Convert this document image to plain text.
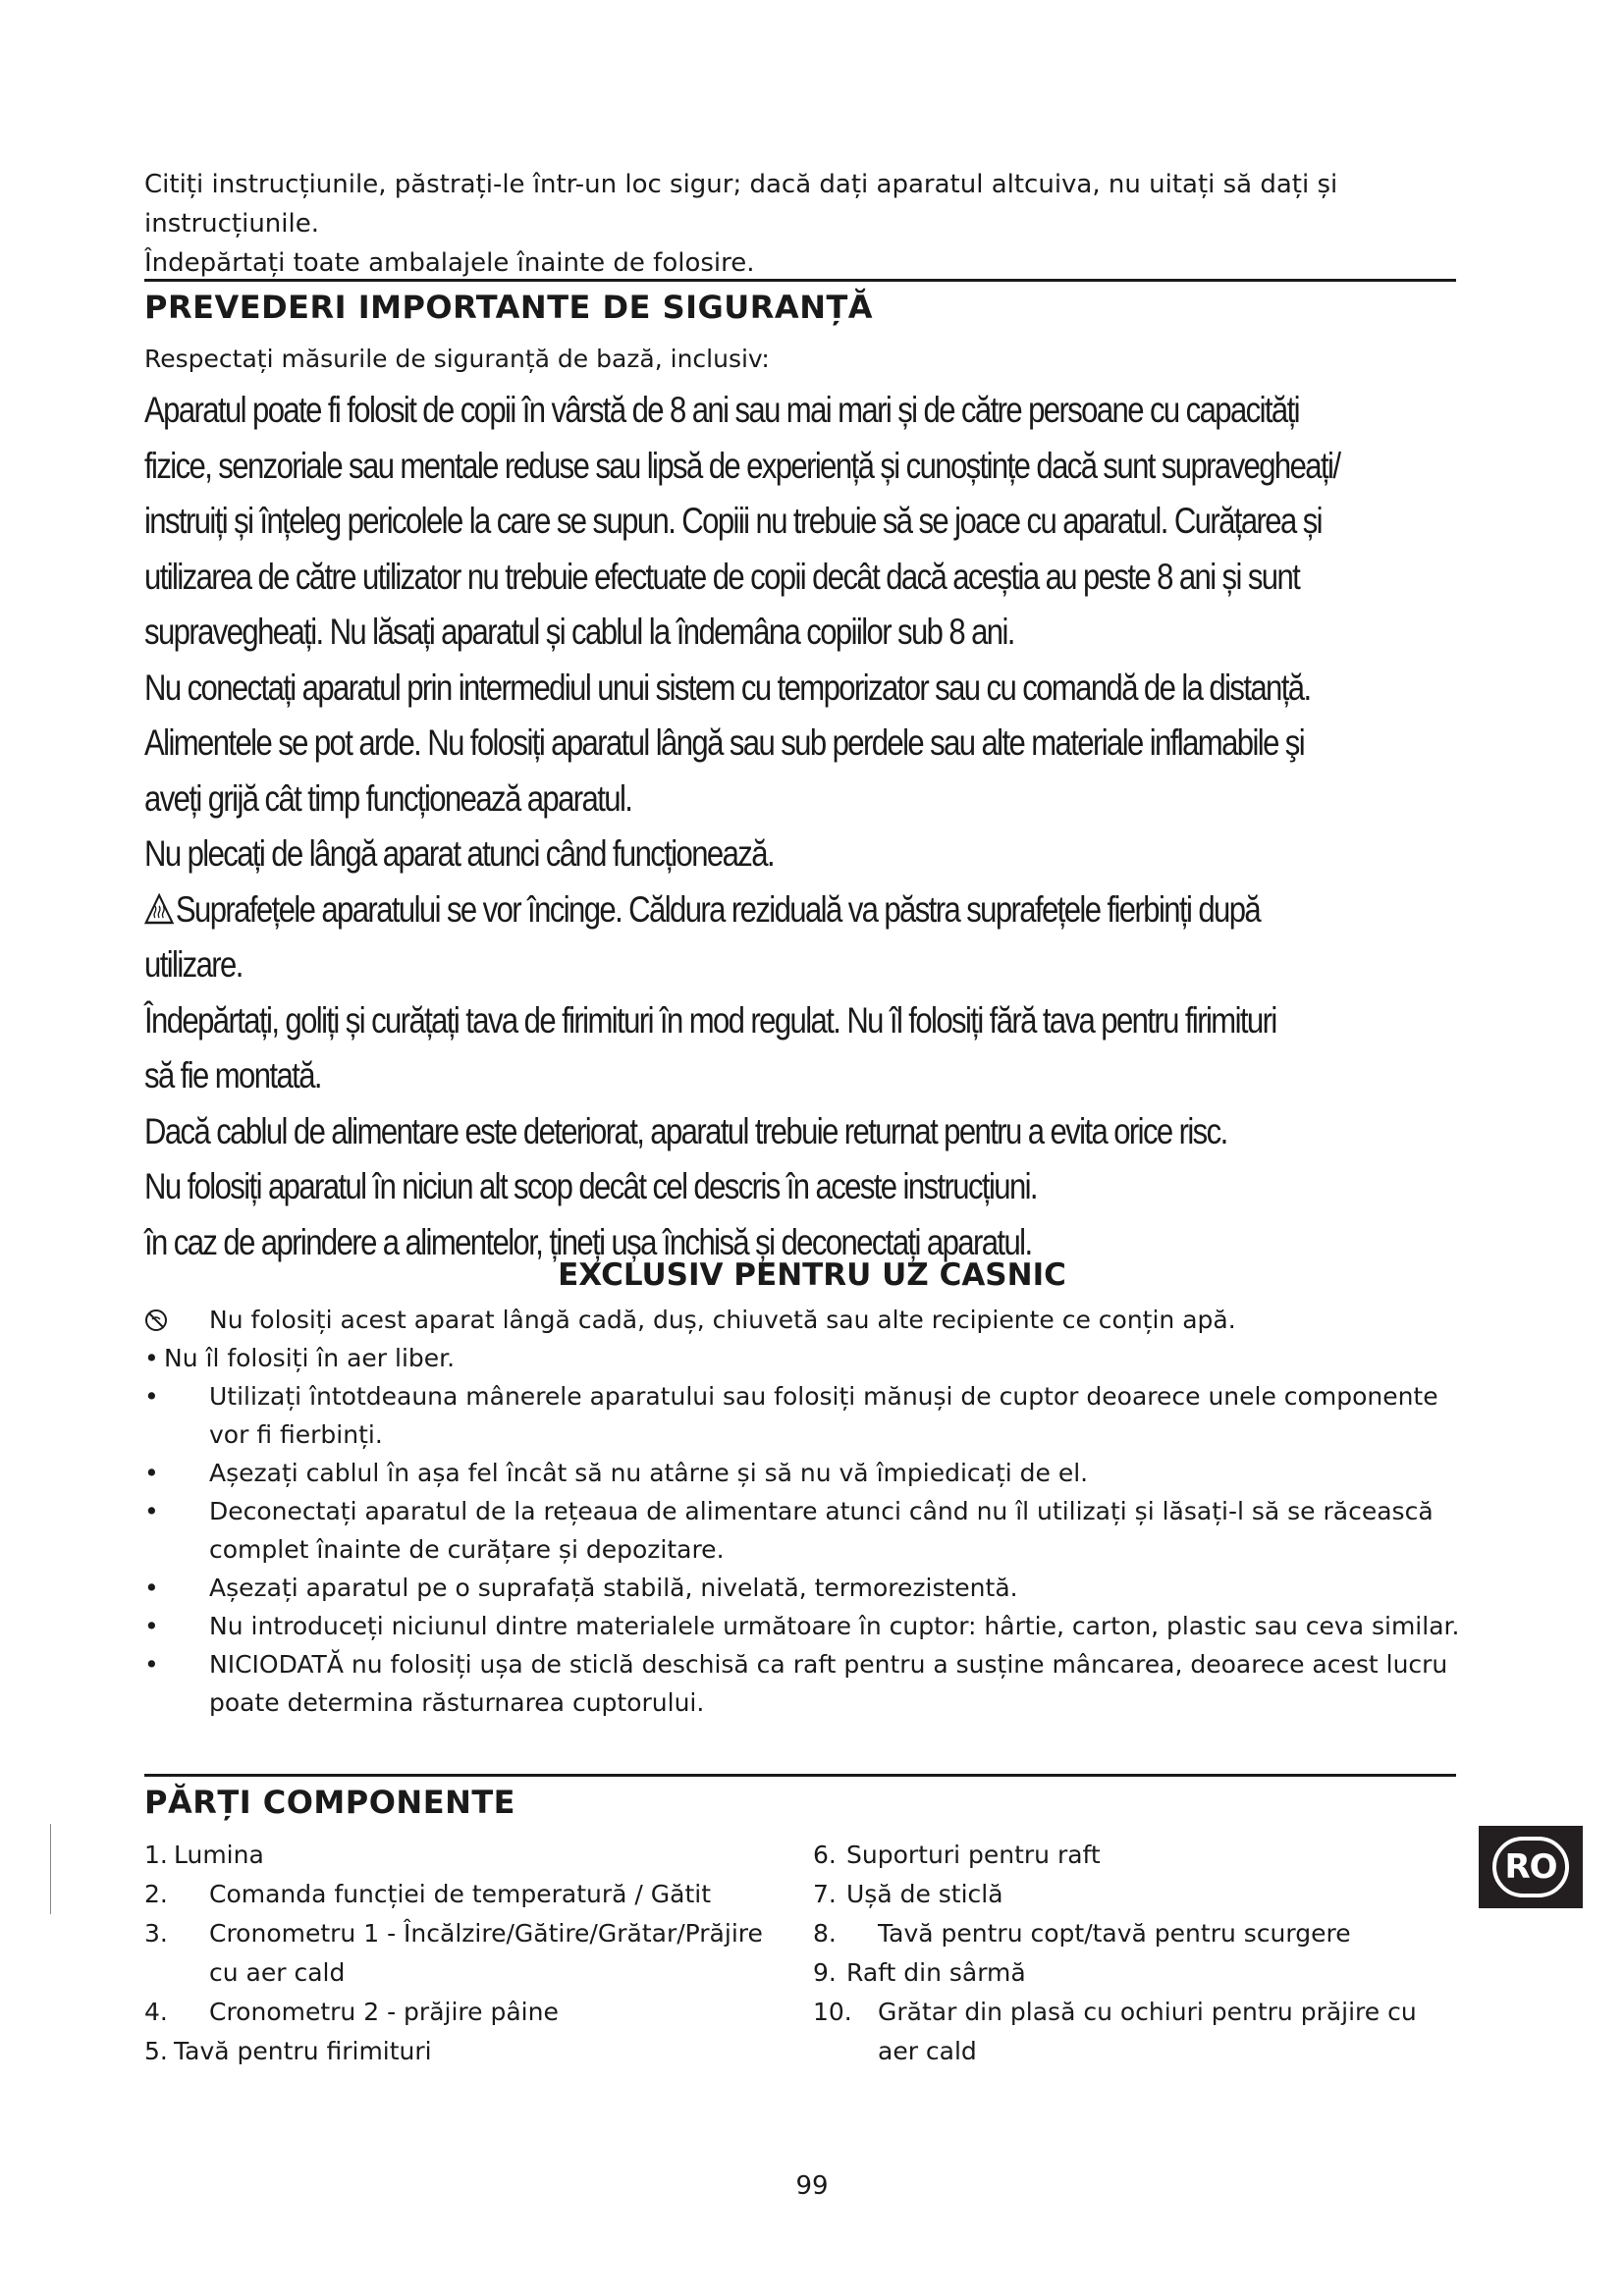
Citiți instrucțiunile, păstrați-le într-un loc sigur; dacă dați aparatul altcuiva, nu uitați să dați și instrucțiunile.

Îndepărtați toate ambalajele înainte de folosire.

PREVEDERI IMPORTANTE DE SIGURANȚĂ
Respectați măsurile de siguranță de bază, inclusiv:
Aparatul poate fi folosit de copii în vârstă de 8 ani sau mai mari și de către persoane cu capacități
fizice, senzoriale sau mentale reduse sau lipsă de experiență și cunoștințe dacă sunt supravegheați/
instruiți și înțeleg pericolele la care se supun. Copiii nu trebuie să se joace cu aparatul. Curățarea și
utilizarea de către utilizator nu trebuie efectuate de copii decât dacă aceștia au peste 8 ani și sunt
supravegheați. Nu lăsați aparatul și cablul la îndemâna copiilor sub 8 ani.
Nu conectați aparatul prin intermediul unui sistem cu temporizator sau cu comandă de la distanță.
Alimentele se pot arde. Nu folosiți aparatul lângă sau sub perdele sau alte materiale inflamabile şi
aveți grijă cât timp funcționează aparatul.
Nu plecați de lângă aparat atunci când funcționează.
Suprafețele aparatului se vor încinge. Căldura reziduală va păstra suprafețele fierbinți după
utilizare.
Îndepărtați, goliți și curățați tava de firimituri în mod regulat. Nu îl folosiți fără tava pentru firimituri
să fie montată.
Dacă cablul de alimentare este deteriorat, aparatul trebuie returnat pentru a evita orice risc.
Nu folosiți aparatul în niciun alt scop decât cel descris în aceste instrucțiuni.
în caz de aprindere a alimentelor, țineți ușa închisă și deconectați aparatul.
EXCLUSIV PENTRU UZ CASNIC
Nu folosiți acest aparat lângă cadă, duș, chiuvetă sau alte recipiente ce conțin apă.
• Nu îl folosiți în aer liber.
•	Utilizați întotdeauna mânerele aparatului sau folosiți mănuși de cuptor deoarece unele componente vor fi fierbinți.
•	Așezați cablul în așa fel încât să nu atârne și să nu vă împiedicați de el.
•	Deconectați aparatul de la rețeaua de alimentare atunci când nu îl utilizați și lăsați-l să se răcească complet înainte de curățare și depozitare.
•	Așezați aparatul pe o suprafață stabilă, nivelată, termorezistentă.
•	Nu introduceți niciunul dintre materialele următoare în cuptor: hârtie, carton, plastic sau ceva similar.
•	NICIODATĂ nu folosiți ușa de sticlă deschisă ca raft pentru a susține mâncarea, deoarece acest lucru poate determina răsturnarea cuptorului.
PĂRȚI COMPONENTE
1. Lumina
2. Comanda funcției de temperatură / Gătit
3. Cronometru 1 - Încălzire/Gătire/Grătar/Prăjire cu aer cald
4. Cronometru 2 - prăjire pâine
5. Tavă pentru firimituri
6. Suporturi pentru raft
7. Ușă de sticlă
8. Tavă pentru copt/tavă pentru scurgere
9. Raft din sârmă
10. Grătar din plasă cu ochiuri pentru prăjire cu aer cald
RO
99
